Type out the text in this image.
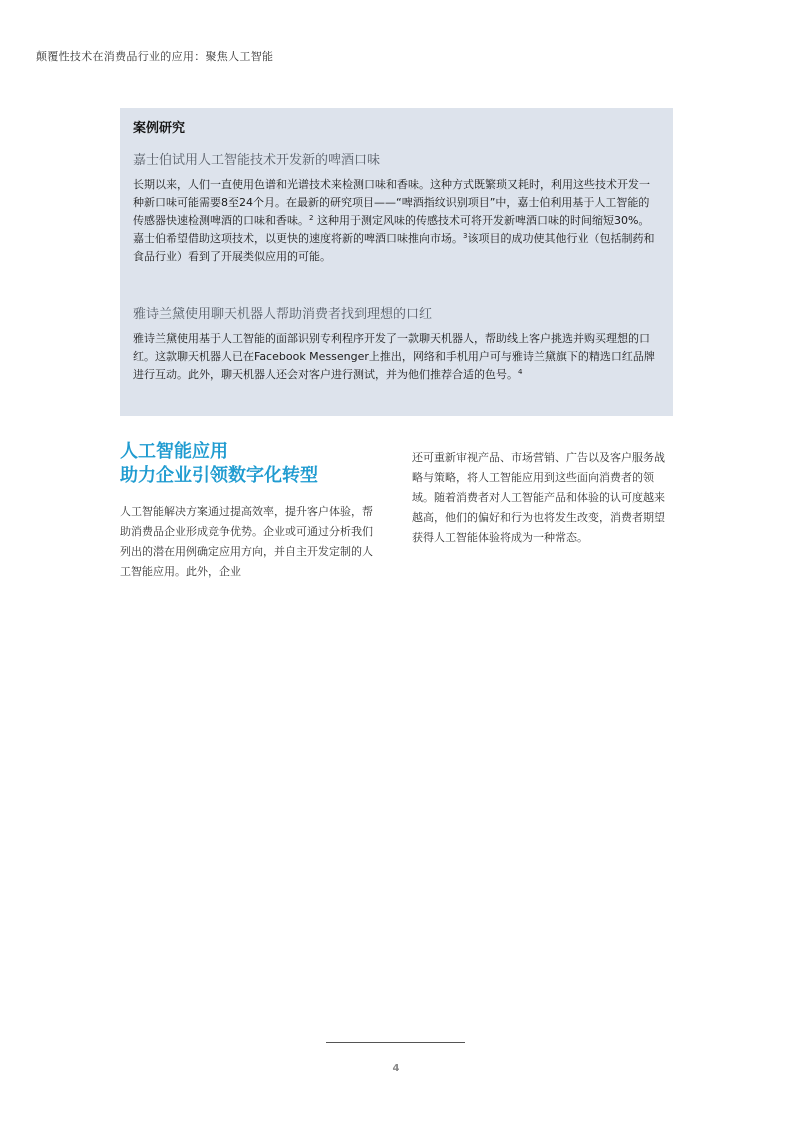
颠覆性技术在消费品行业的应用：聚焦人工智能

案例研究

嘉士伯试用人工智能技术开发新的啤酒口味

长期以来，人们一直使用色谱和光谱技术来检测口味和香味。这种方式既繁琐又耗时，利用这些技术开发一种新口味可能需要8至24个月。在最新的研究项目——“啤酒指纹识别项目”中，嘉士伯利用基于人工智能的传感器快速检测啤酒的口味和香味。$^2$ 这种用于测定风味的传感技术可将开发新啤酒口味的时间缩短30%。嘉士伯希望借助这项技术，以更快的速度将新的啤酒口味推向市场。$^3$该项目的成功使其他行业（包括制药和食品行业）看到了开展类似应用的可能。

雅诗兰黛使用聊天机器人帮助消费者找到理想的口红

雅诗兰黛使用基于人工智能的面部识别专利程序开发了一款聊天机器人，帮助线上客户挑选并购买理想的口红。这款聊天机器人已在Facebook Messenger上推出，网络和手机用户可与雅诗兰黛旗下的精选口红品牌进行互动。此外，聊天机器人还会对客户进行测试，并为他们推荐合适的色号。$^4$

人工智能应用
助力企业引领数字化转型

人工智能解决方案通过提高效率，提升客户体验，帮助消费品企业形成竞争优势。企业或可通过分析我们列出的潜在用例确定应用方向，并自主开发定制的人工智能应用。此外，企业

还可重新审视产品、市场营销、广告以及客户服务战略与策略，将人工智能应用到这些面向消费者的领域。随着消费者对人工智能产品和体验的认可度越来越高，他们的偏好和行为也将发生改变，消费者期望获得人工智能体验将成为一种常态。

4
